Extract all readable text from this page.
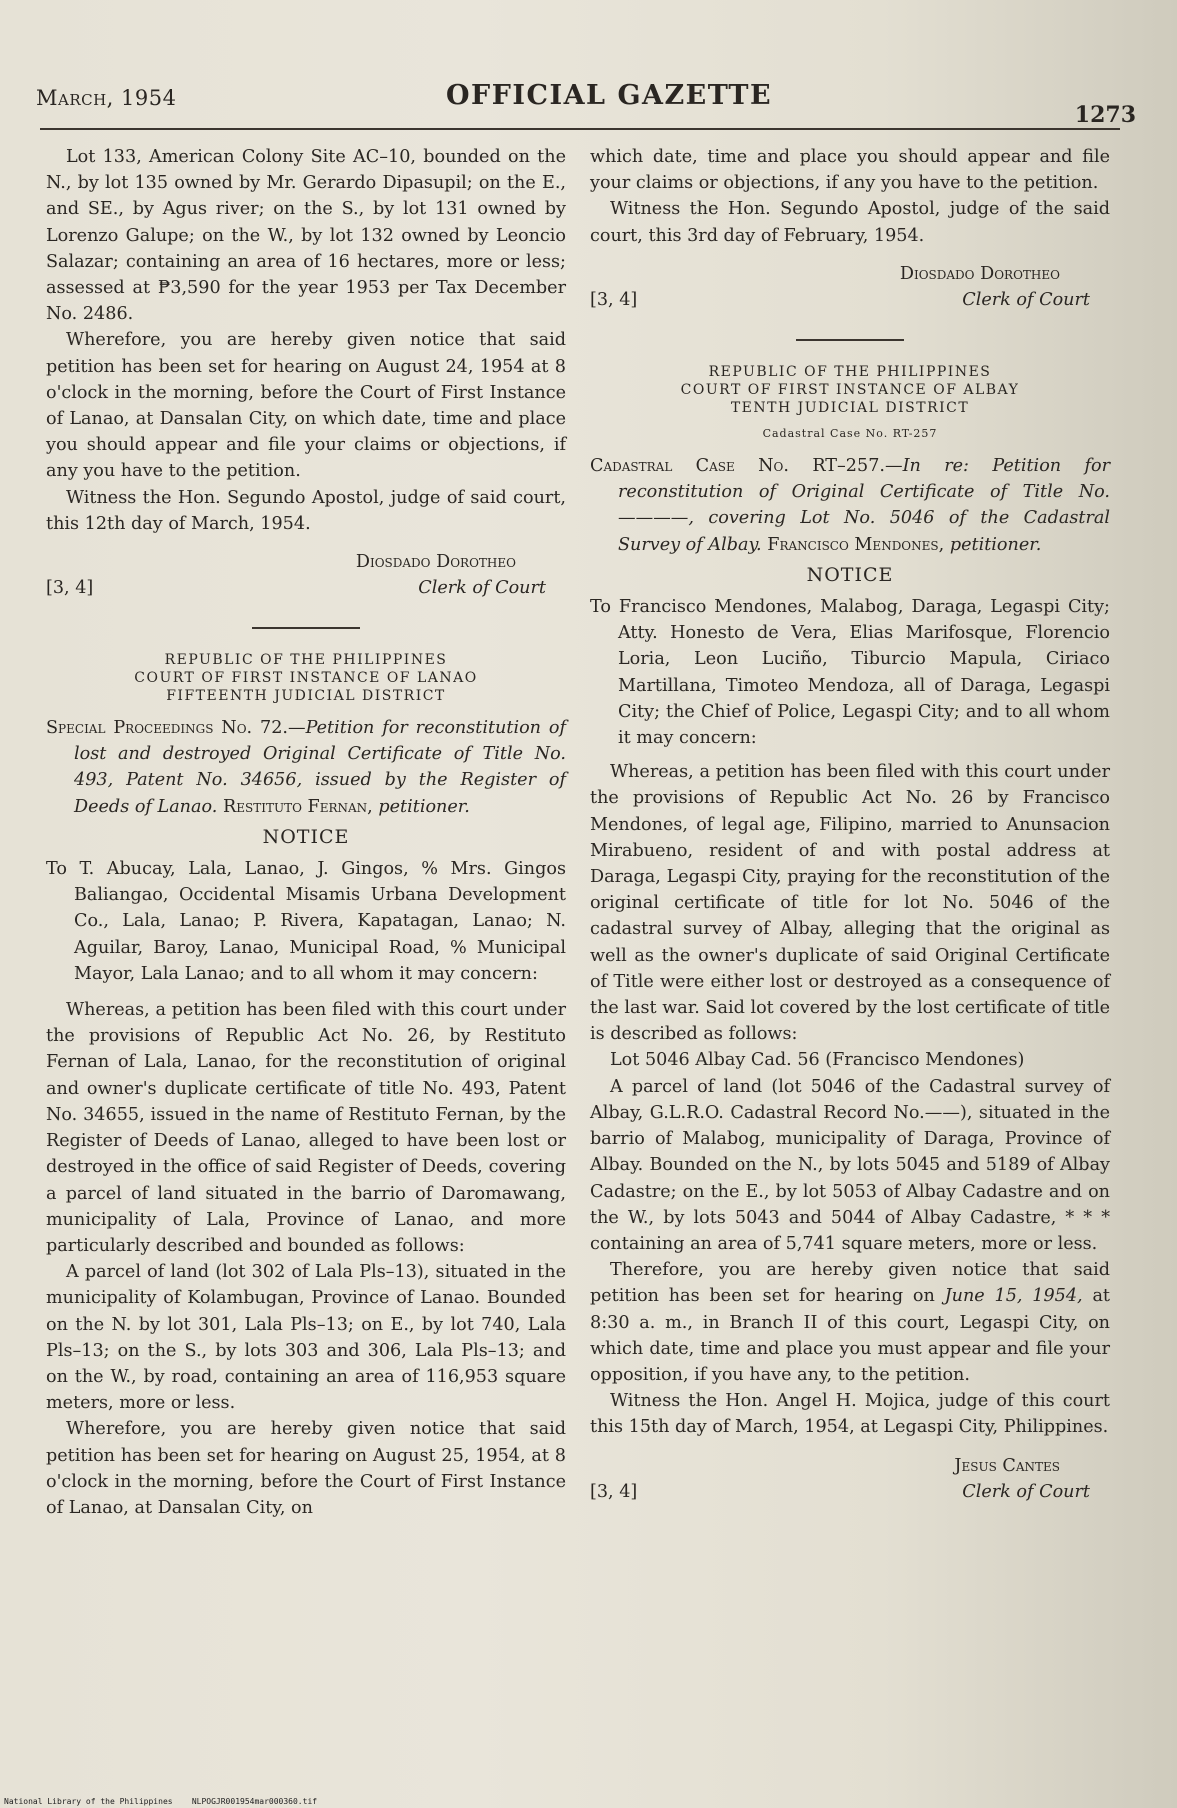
March, 1954	OFFICIAL GAZETTE
1273

Lot 133, American Colony Site AC–10, bounded on the N., by lot 135 owned by Mr. Gerardo Dipasupil; on the E., and SE., by Agus river; on the S., by lot 131 owned by Lorenzo Galupe; on the W., by lot 132 owned by Leoncio Salazar; containing an area of 16 hectares, more or less; assessed at ₱3,590 for the year 1953 per Tax December No. 2486.

Wherefore, you are hereby given notice that said petition has been set for hearing on August 24, 1954 at 8 o'clock in the morning, before the Court of First Instance of Lanao, at Dansalan City, on which date, time and place you should appear and file your claims or objections, if any you have to the petition.

Witness the Hon. Segundo Apostol, judge of said court, this 12th day of March, 1954.

Diosdado Dorotheo
[3, 4]	Clerk of Court
REPUBLIC OF THE PHILIPPINES
COURT OF FIRST INSTANCE OF LANAO
FIFTEENTH JUDICIAL DISTRICT

Special Proceedings No. 72.—Petition for reconstitution of lost and destroyed Original Certificate of Title No. 493, Patent No. 34656, issued by the Register of Deeds of Lanao. Restituto Fernan, petitioner.

NOTICE

To T. Abucay, Lala, Lanao, J. Gingos, % Mrs. Gingos Baliangao, Occidental Misamis Urbana Development Co., Lala, Lanao; P. Rivera, Kapatagan, Lanao; N. Aguilar, Baroy, Lanao, Municipal Road, % Municipal Mayor, Lala Lanao; and to all whom it may concern:

Whereas, a petition has been filed with this court under the provisions of Republic Act No. 26, by Restituto Fernan of Lala, Lanao, for the reconstitution of original and owner's duplicate certificate of title No. 493, Patent No. 34655, issued in the name of Restituto Fernan, by the Register of Deeds of Lanao, alleged to have been lost or destroyed in the office of said Register of Deeds, covering a parcel of land situated in the barrio of Daromawang, municipality of Lala, Province of Lanao, and more particularly described and bounded as follows:

A parcel of land (lot 302 of Lala Pls–13), situated in the municipality of Kolambugan, Province of Lanao. Bounded on the N. by lot 301, Lala Pls–13; on E., by lot 740, Lala Pls–13; on the S., by lots 303 and 306, Lala Pls–13; and on the W., by road, containing an area of 116,953 square meters, more or less.

Wherefore, you are hereby given notice that said petition has been set for hearing on August 25, 1954, at 8 o'clock in the morning, before the Court of First Instance of Lanao, at Dansalan City, on

which date, time and place you should appear and file your claims or objections, if any you have to the petition.

Witness the Hon. Segundo Apostol, judge of the said court, this 3rd day of February, 1954.

Diosdado Dorotheo
[3, 4]	Clerk of Court
REPUBLIC OF THE PHILIPPINES
COURT OF FIRST INSTANCE OF ALBAY
TENTH JUDICIAL DISTRICT
Cadastral Case No. RT-257

Cadastral Case No. RT–257.—In re: Petition for reconstitution of Original Certificate of Title No. ————, covering Lot No. 5046 of the Cadastral Survey of Albay. Francisco Mendones, petitioner.

NOTICE

To Francisco Mendones, Malabog, Daraga, Legaspi City; Atty. Honesto de Vera, Elias Marifosque, Florencio Loria, Leon Luciño, Tiburcio Mapula, Ciriaco Martillana, Timoteo Mendoza, all of Daraga, Legaspi City; the Chief of Police, Legaspi City; and to all whom it may concern:

Whereas, a petition has been filed with this court under the provisions of Republic Act No. 26 by Francisco Mendones, of legal age, Filipino, married to Anunsacion Mirabueno, resident of and with postal address at Daraga, Legaspi City, praying for the reconstitution of the original certificate of title for lot No. 5046 of the cadastral survey of Albay, alleging that the original as well as the owner's duplicate of said Original Certificate of Title were either lost or destroyed as a consequence of the last war. Said lot covered by the lost certificate of title is described as follows:

Lot 5046 Albay Cad. 56 (Francisco Mendones)

A parcel of land (lot 5046 of the Cadastral survey of Albay, G.L.R.O. Cadastral Record No.——), situated in the barrio of Malabog, municipality of Daraga, Province of Albay. Bounded on the N., by lots 5045 and 5189 of Albay Cadastre; on the E., by lot 5053 of Albay Cadastre and on the W., by lots 5043 and 5044 of Albay Cadastre, * * * containing an area of 5,741 square meters, more or less.

Therefore, you are hereby given notice that said petition has been set for hearing on June 15, 1954, at 8:30 a. m., in Branch II of this court, Legaspi City, on which date, time and place you must appear and file your opposition, if you have any, to the petition.

Witness the Hon. Angel H. Mojica, judge of this court this 15th day of March, 1954, at Legaspi City, Philippines.

Jesus Cantes
[3, 4]	Clerk of Court
National Library of the Philippines NLPOGJR001954mar000360.tif
